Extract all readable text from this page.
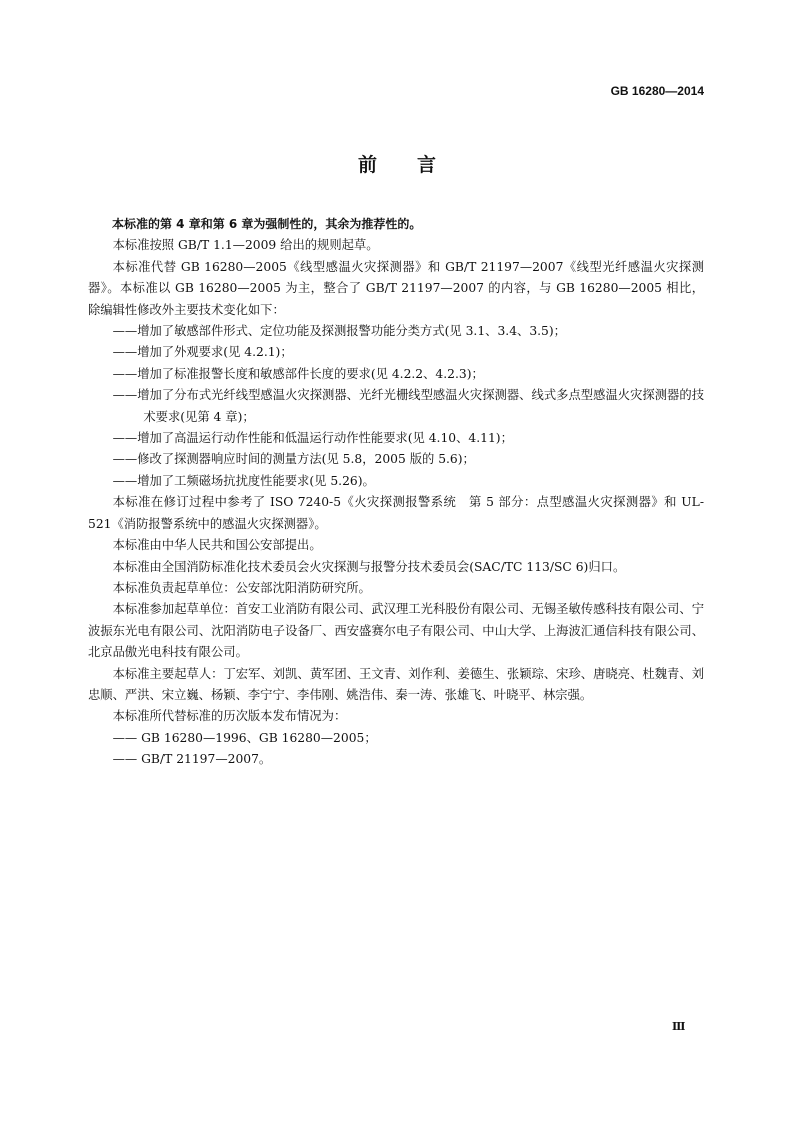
GB 16280—2014
前言

本标准的第 4 章和第 6 章为强制性的，其余为推荐性的。

本标准按照 GB/T 1.1—2009 给出的规则起草。

本标准代替 GB 16280—2005《线型感温火灾探测器》和 GB/T 21197—2007《线型光纤感温火灾探测器》。本标准以 GB 16280—2005 为主，整合了 GB/T 21197—2007 的内容，与 GB 16280—2005 相比，除编辑性修改外主要技术变化如下：

——增加了敏感部件形式、定位功能及探测报警功能分类方式(见 3.1、3.4、3.5)；

——增加了外观要求(见 4.2.1)；

——增加了标准报警长度和敏感部件长度的要求(见 4.2.2、4.2.3)；

——增加了分布式光纤线型感温火灾探测器、光纤光栅线型感温火灾探测器、线式多点型感温火灾探测器的技术要求(见第 4 章)；

——增加了高温运行动作性能和低温运行动作性能要求(见 4.10、4.11)；

——修改了探测器响应时间的测量方法(见 5.8，2005 版的 5.6)；

——增加了工频磁场抗扰度性能要求(见 5.26)。

本标准在修订过程中参考了 ISO 7240-5《火灾探测报警系统　第 5 部分：点型感温火灾探测器》和 UL-521《消防报警系统中的感温火灾探测器》。

本标准由中华人民共和国公安部提出。

本标准由全国消防标准化技术委员会火灾探测与报警分技术委员会(SAC/TC 113/SC 6)归口。

本标准负责起草单位：公安部沈阳消防研究所。

本标准参加起草单位：首安工业消防有限公司、武汉理工光科股份有限公司、无锡圣敏传感科技有限公司、宁波振东光电有限公司、沈阳消防电子设备厂、西安盛赛尔电子有限公司、中山大学、上海波汇通信科技有限公司、北京品傲光电科技有限公司。

本标准主要起草人：丁宏军、刘凯、黄军团、王文青、刘作利、姜德生、张颖琮、宋珍、唐晓亮、杜魏青、刘忠顺、严洪、宋立巍、杨颖、李宁宁、李伟刚、姚浩伟、秦一涛、张雄飞、叶晓平、林宗强。

本标准所代替标准的历次版本发布情况为：

—— GB 16280—1996、GB 16280—2005；

—— GB/T 21197—2007。

Ⅲ
